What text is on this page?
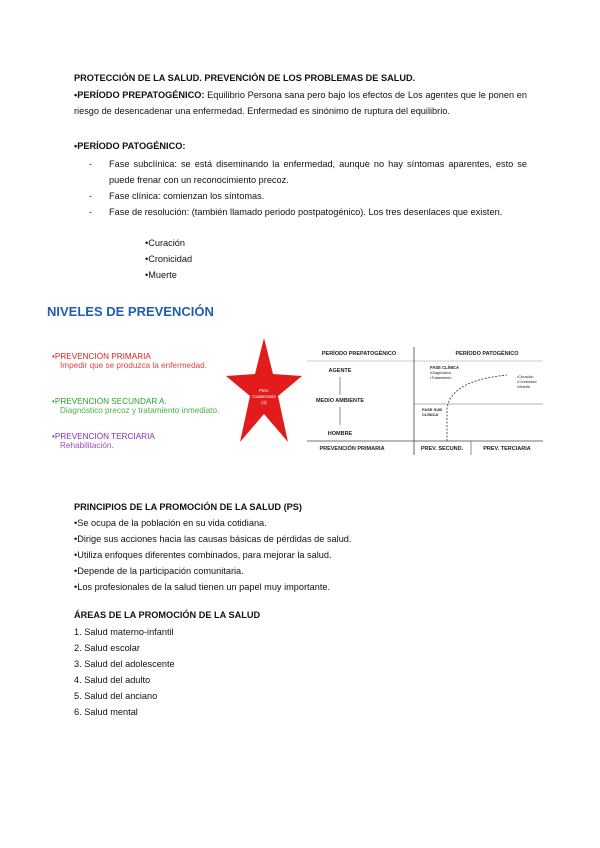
PROTECCIÓN DE LA SALUD. PREVENCIÓN DE LOS PROBLEMAS DE SALUD.
•PERÍODO PREPATOGÉNICO: Equilibrio Persona sana pero bajo los efectos de Los agentes que le ponen en riesgo de desencadenar una enfermedad. Enfermedad es sinónimo de ruptura del equilibrio.
•PERÍODO PATOGÉNICO:
- Fase subclínica: se está diseminando la enfermedad, aunque no hay síntomas aparentes, esto se puede frenar con un reconocimiento precoz.
- Fase clínica: comienzan los síntomas.
- Fase de resolución: (también llamado periodo postpatogénico). Los tres desenlaces que existen.
•Curación
•Cronicidad
•Muerte
NIVELES DE PREVENCIÓN
•PREVENCIÓN PRIMARIA
Impedir que se produzca la enfermedad.
•PREVENCIÓN SECUNDAR A.
Diagnóstico precoz y tratamiento inmediato.
•PREVENCIÓN TERCIARIA
Rehabilitación.
Ptev.
Cuaternaria
(4)
PERÍODO PREPATOGÉNICO	PERÍODO PATOGÉNICO
AGENTE
MEDIO AMBIENTE
HOMBRE
FASE CLÍNICA
•Diagnóstico
•Tratamiento
FASE SUB
CLÍNICA
•Curación
•Cronicidad
•Muerte
PREVENCIÓN PRIMARIA	PREV. SECUND.	PREV. TERCIARIA
PRINCIPIOS DE LA PROMOCIÓN DE LA SALUD (PS)
•Se ocupa de la población en su vida cotidiana.
•Dirige sus acciones hacia las causas básicas de pérdidas de salud.
•Utiliza enfoques diferentes combinados, para mejorar la salud.
•Depende de la participación comunitaria.
•Los profesionales de la salud tienen un papel muy importante.
ÁREAS DE LA PROMOCIÓN DE LA SALUD
1. Salud materno-infantil
2. Salud escolar
3. Salud del adolescente
4. Salud del adulto
5. Salud del anciano
6. Salud mental
